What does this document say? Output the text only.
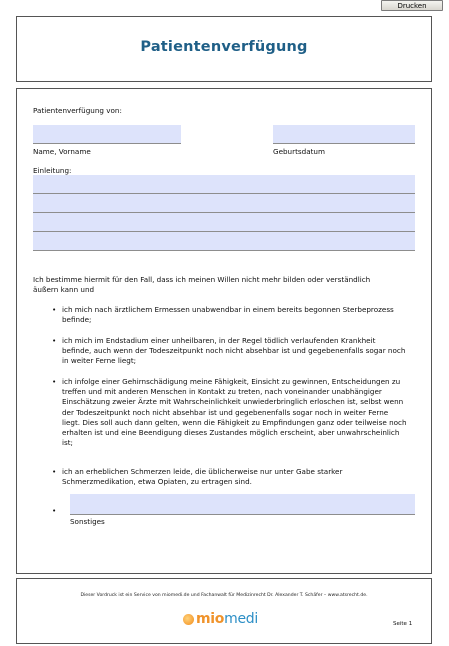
Drucken
Patientenverfügung
Patientenverfügung von:
Name, Vorname	Geburtsdatum
Einleitung:
Ich bestimme hiermit für den Fall, dass ich meinen Willen nicht mehr bilden oder verständlich äußern kann und
• ich mich nach ärztlichem Ermessen unabwendbar in einem bereits begonnen Sterbeprozess befinde;
• ich mich im Endstadium einer unheilbaren, in der Regel tödlich verlaufenden Krankheit befinde, auch wenn der Todeszeitpunkt noch nicht absehbar ist und gegebenenfalls sogar noch in weiter Ferne liegt;
• ich infolge einer Gehirnschädigung meine Fähigkeit, Einsicht zu gewinnen, Entscheidungen zu treffen und mit anderen Menschen in Kontakt zu treten, nach voneinander unabhängiger Einschätzung zweier Ärzte mit Wahrscheinlichkeit unwiederbringlich erloschen ist, selbst wenn der Todeszeitpunkt noch nicht absehbar ist und gegebenenfalls sogar noch in weiter Ferne liegt. Dies soll auch dann gelten, wenn die Fähigkeit zu Empfindungen ganz oder teilweise noch erhalten ist und eine Beendigung dieses Zustandes möglich erscheint, aber unwahrscheinlich ist;
• ich an erheblichen Schmerzen leide, die üblicherweise nur unter Gabe starker Schmerzmedikation, etwa Opiaten, zu ertragen sind.
•
Sonstiges
Dieser Vordruck ist ein Service von miomedi.de und Fachanwalt für Medizinrecht Dr. Alexander T. Schäfer – www.atsrecht.de.
mio medi	Seite 1
